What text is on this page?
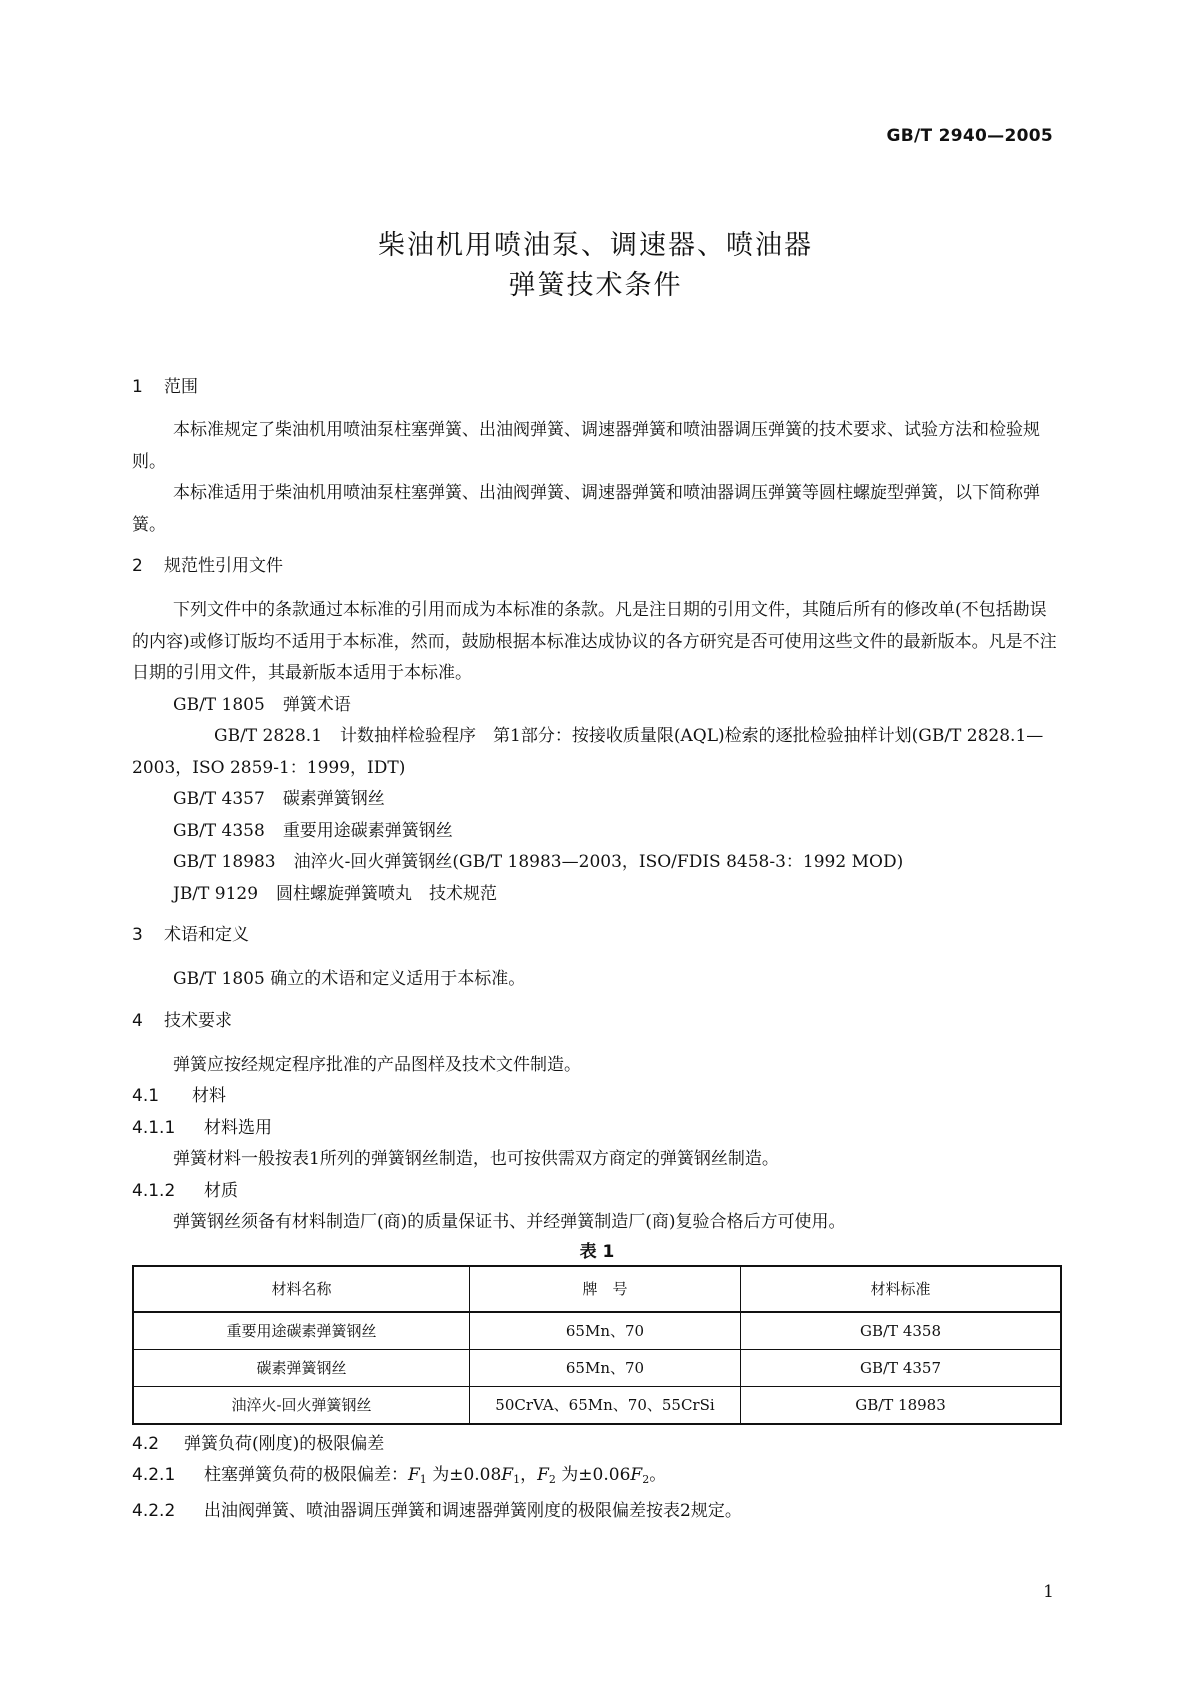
GB/T 2940—2005
柴油机用喷油泵、调速器、喷油器
弹簧技术条件
1 范围
本标准规定了柴油机用喷油泵柱塞弹簧、出油阀弹簧、调速器弹簧和喷油器调压弹簧的技术要求、试验方法和检验规则。
本标准适用于柴油机用喷油泵柱塞弹簧、出油阀弹簧、调速器弹簧和喷油器调压弹簧等圆柱螺旋型弹簧，以下简称弹簧。
2 规范性引用文件
下列文件中的条款通过本标准的引用而成为本标准的条款。凡是注日期的引用文件，其随后所有的修改单(不包括勘误的内容)或修订版均不适用于本标准，然而，鼓励根据本标准达成协议的各方研究是否可使用这些文件的最新版本。凡是不注日期的引用文件，其最新版本适用于本标准。
GB/T 1805 弹簧术语
GB/T 2828.1 计数抽样检验程序　第1部分：按接收质量限(AQL)检索的逐批检验抽样计划(GB/T 2828.1—2003，ISO 2859-1：1999，IDT)
GB/T 4357 碳素弹簧钢丝
GB/T 4358 重要用途碳素弹簧钢丝
GB/T 18983 油淬火-回火弹簧钢丝(GB/T 18983—2003，ISO/FDIS 8458-3：1992 MOD)
JB/T 9129 圆柱螺旋弹簧喷丸　技术规范
3 术语和定义
GB/T 1805 确立的术语和定义适用于本标准。
4 技术要求
弹簧应按经规定程序批准的产品图样及技术文件制造。
4.1 材料
4.1.1 材料选用
弹簧材料一般按表1所列的弹簧钢丝制造，也可按供需双方商定的弹簧钢丝制造。
4.1.2 材质
弹簧钢丝须备有材料制造厂(商)的质量保证书、并经弹簧制造厂(商)复验合格后方可使用。
表 1
材料名称	牌　号	材料标准
重要用途碳素弹簧钢丝	65Mn、70	GB/T 4358
碳素弹簧钢丝	65Mn、70	GB/T 4357
油淬火-回火弹簧钢丝	50CrVA、65Mn、70、55CrSi	GB/T 18983
4.2 弹簧负荷(刚度)的极限偏差
4.2.1 柱塞弹簧负荷的极限偏差：$F_1$ 为$\pm 0.08F_1$，$F_2$ 为$\pm 0.06F_2$。
4.2.2 出油阀弹簧、喷油器调压弹簧和调速器弹簧刚度的极限偏差按表2规定。
1
